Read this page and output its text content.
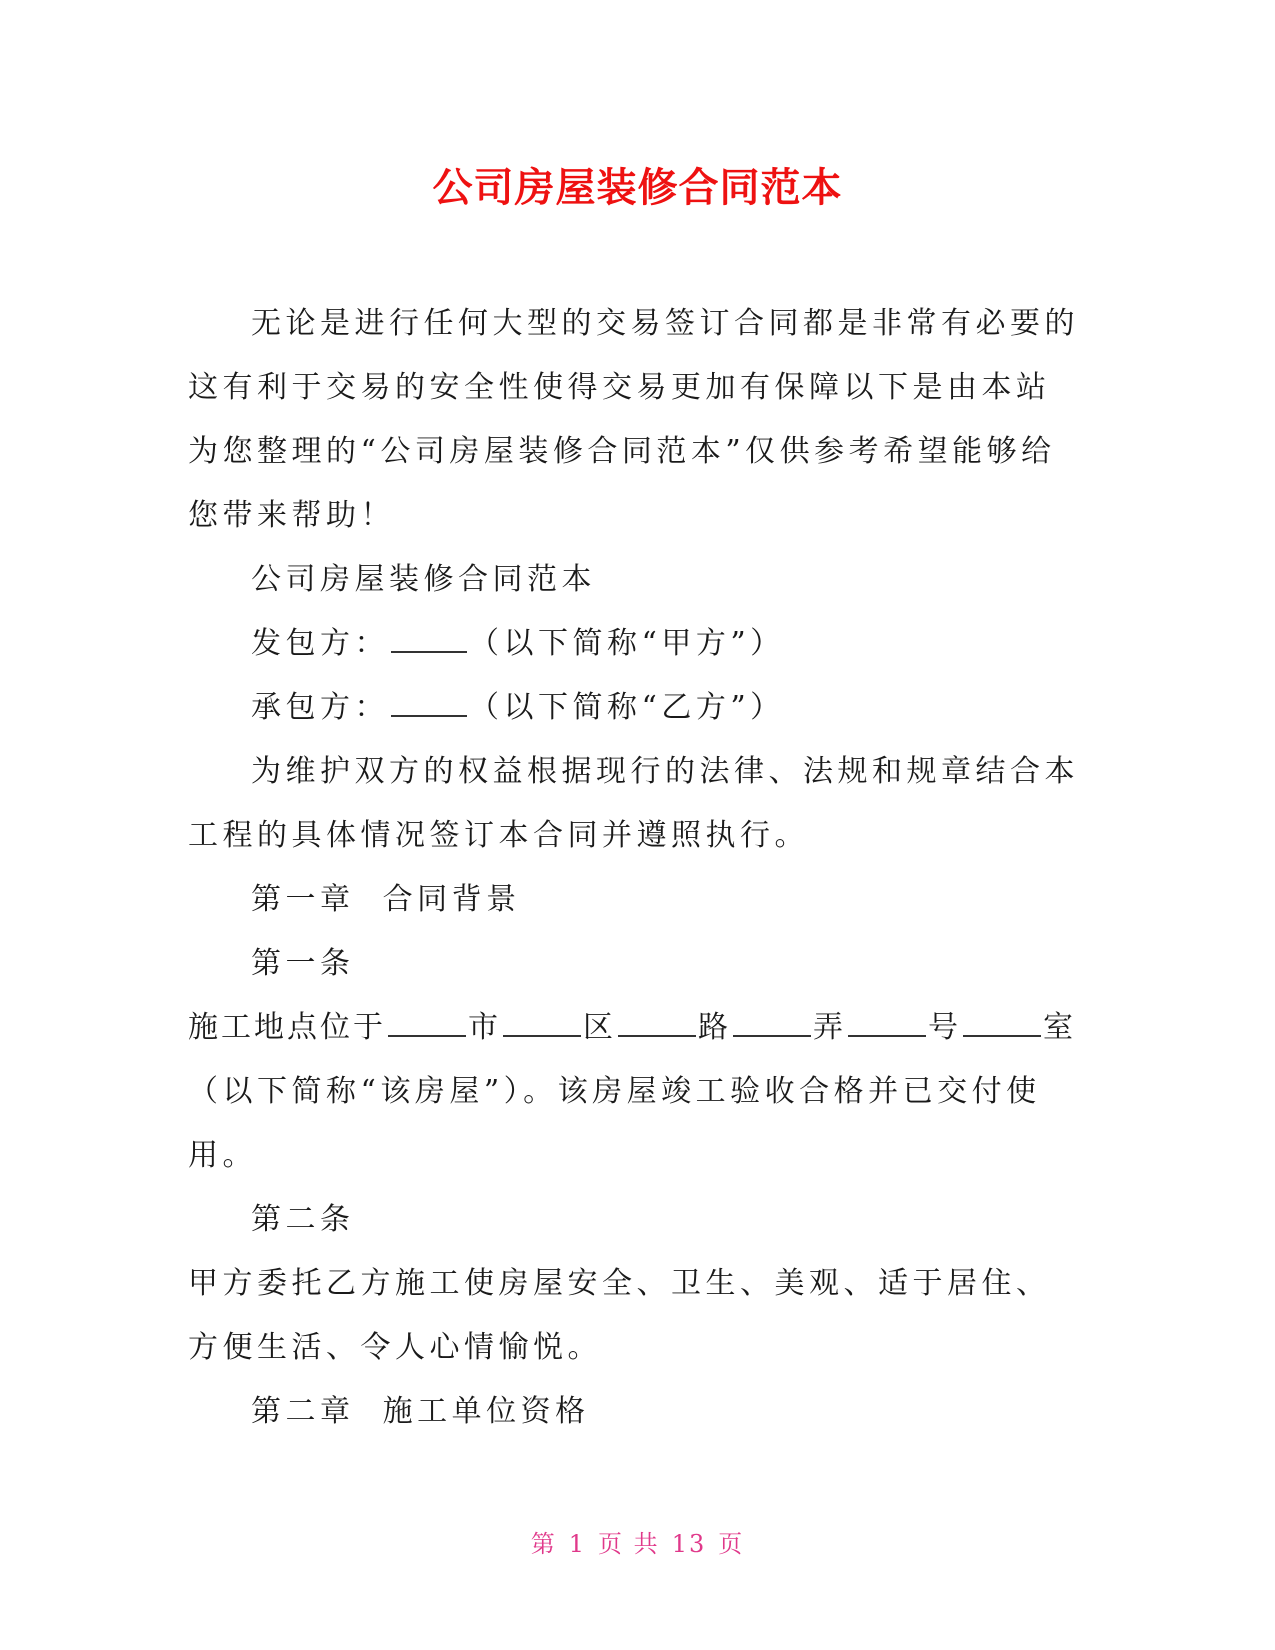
公司房屋装修合同范本

无论是进行任何大型的交易签订合同都是非常有必要的这有利于交易的安全性使得交易更加有保障以下是由本站为您整理的“公司房屋装修合同范本”仅供参考希望能够给您带来帮助！

公司房屋装修合同范本

发包方：	（以下简称“甲方”）

承包方：	（以下简称“乙方”）

为维护双方的权益根据现行的法律、法规和规章结合本工程的具体情况签订本合同并遵照执行。

第一章  合同背景

第一条

施工地点位于	市	区	路	弄	号	室

（以下简称“该房屋”）。该房屋竣工验收合格并已交付使用。

第二条

甲方委托乙方施工使房屋安全、卫生、美观、适于居住、方便生活、令人心情愉悦。

第二章  施工单位资格

第 1 页 共 13 页
